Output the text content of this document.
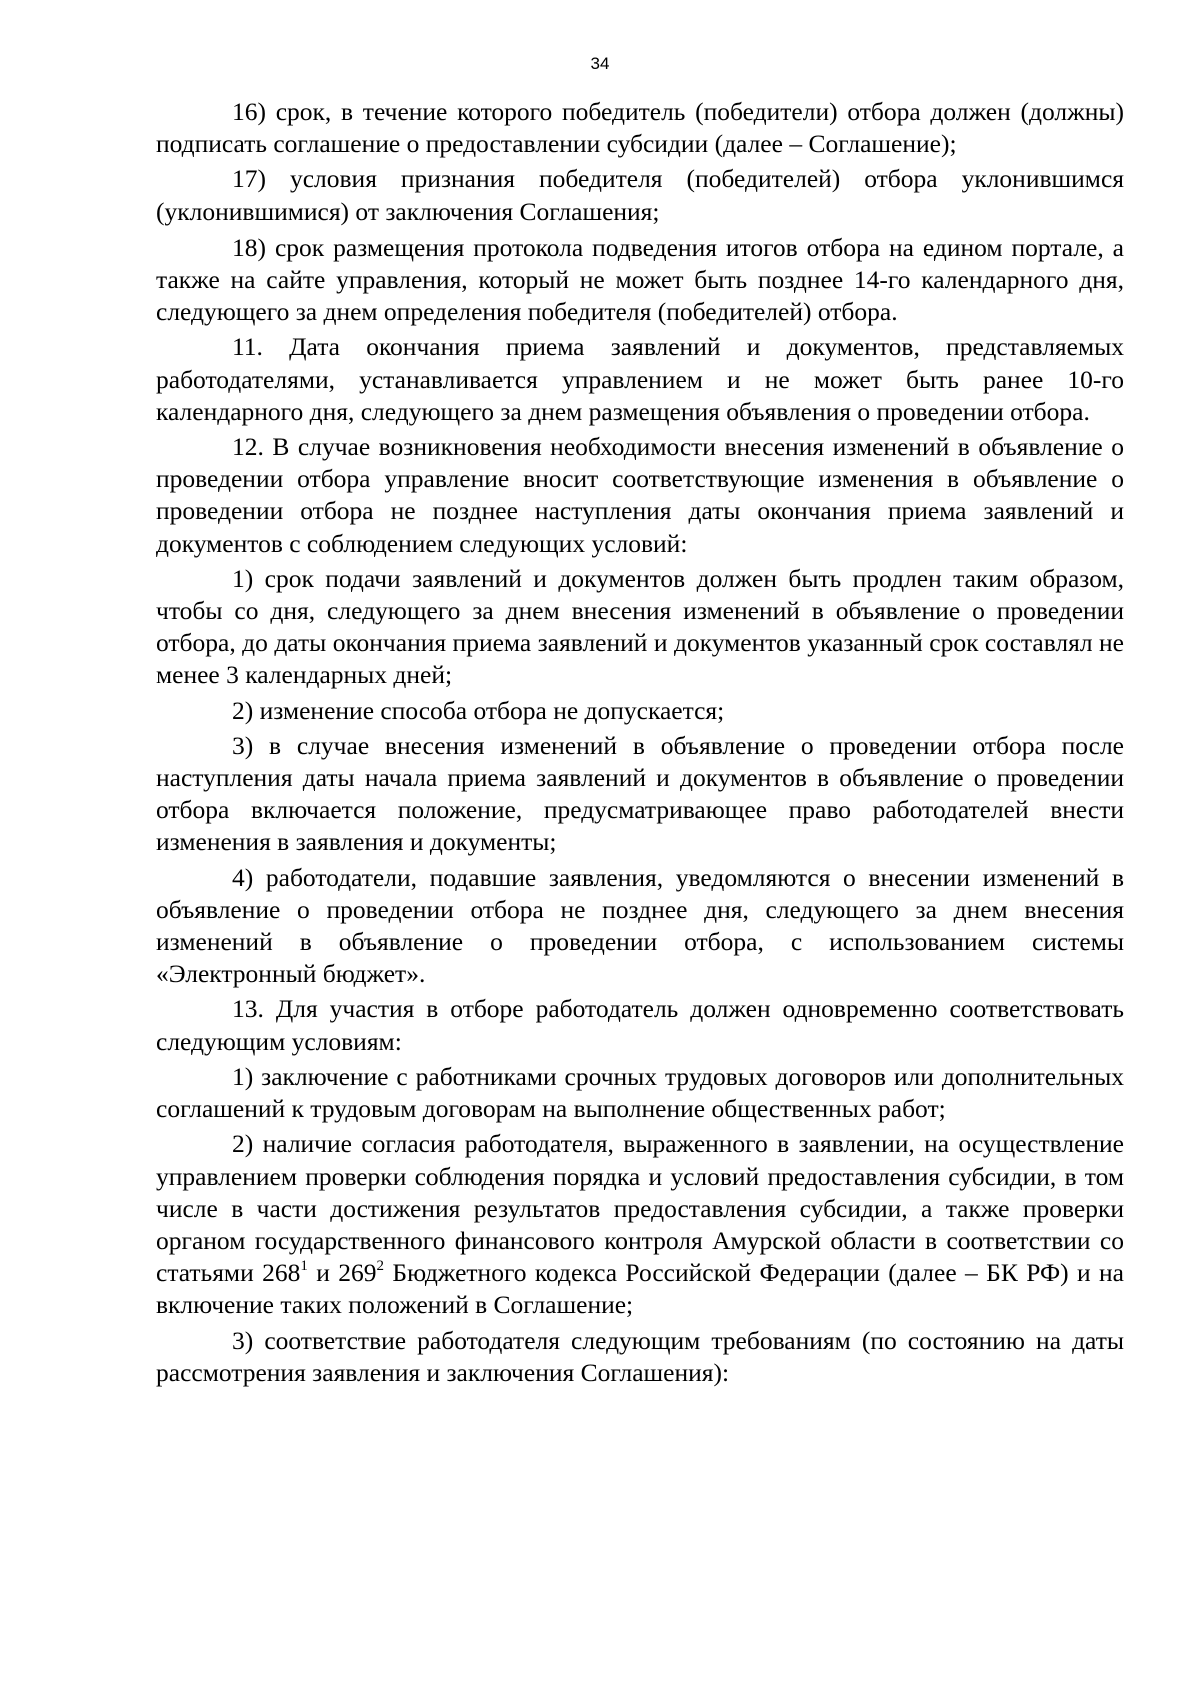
34

16) срок, в течение которого победитель (победители) отбора должен (должны) подписать соглашение о предоставлении субсидии (далее – Соглашение);

17) условия признания победителя (победителей) отбора уклонившимся (уклонившимися) от заключения Соглашения;

18) срок размещения протокола подведения итогов отбора на едином портале, а также на сайте управления, который не может быть позднее 14-го календарного дня, следующего за днем определения победителя (победителей) отбора.

11. Дата окончания приема заявлений и документов, представляемых работодателями, устанавливается управлением и не может быть ранее 10-го календарного дня, следующего за днем размещения объявления о проведении отбора.

12. В случае возникновения необходимости внесения изменений в объявление о проведении отбора управление вносит соответствующие изменения в объявление о проведении отбора не позднее наступления даты окончания приема заявлений и документов с соблюдением следующих условий:

1) срок подачи заявлений и документов должен быть продлен таким образом, чтобы со дня, следующего за днем внесения изменений в объявление о проведении отбора, до даты окончания приема заявлений и документов указанный срок составлял не менее 3 календарных дней;

2) изменение способа отбора не допускается;

3) в случае внесения изменений в объявление о проведении отбора после наступления даты начала приема заявлений и документов в объявление о проведении отбора включается положение, предусматривающее право работодателей внести изменения в заявления и документы;

4) работодатели, подавшие заявления, уведомляются о внесении изменений в объявление о проведении отбора не позднее дня, следующего за днем внесения изменений в объявление о проведении отбора, с использованием системы «Электронный бюджет».

13. Для участия в отборе работодатель должен одновременно соответствовать следующим условиям:

1) заключение с работниками срочных трудовых договоров или дополнительных соглашений к трудовым договорам на выполнение общественных работ;

2) наличие согласия работодателя, выраженного в заявлении, на осуществление управлением проверки соблюдения порядка и условий предоставления субсидии, в том числе в части достижения результатов предоставления субсидии, а также проверки органом государственного финансового контроля Амурской области в соответствии со статьями $268^1$ и $269^2$ Бюджетного кодекса Российской Федерации (далее – БК РФ) и на включение таких положений в Соглашение;

3) соответствие работодателя следующим требованиям (по состоянию на даты рассмотрения заявления и заключения Соглашения):
